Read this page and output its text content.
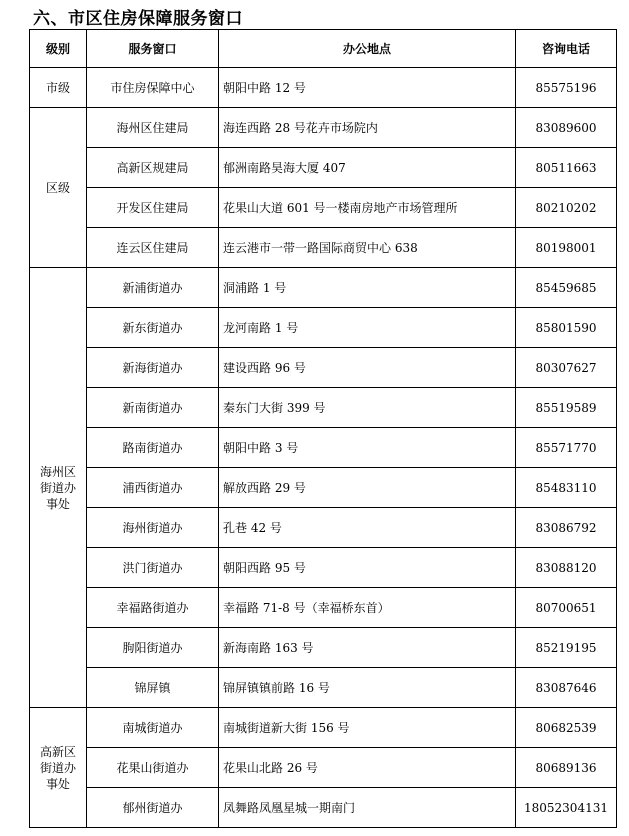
六、市区住房保障服务窗口
级别	服务窗口	办公地点	咨询电话
市级	市住房保障中心	朝阳中路 12 号	85575196
区级	海州区住建局	海连西路 28 号花卉市场院内	83089600
	高新区规建局	郁洲南路昊海大厦 407	80511663
	开发区住建局	花果山大道 601 号一楼南房地产市场管理所	80210202
	连云区住建局	连云港市一带一路国际商贸中心 638	80198001
海州区街道办事处	新浦街道办	洞浦路 1 号	85459685
	新东街道办	龙河南路 1 号	85801590
	新海街道办	建设西路 96 号	80307627
	新南街道办	秦东门大街 399 号	85519589
	路南街道办	朝阳中路 3 号	85571770
	浦西街道办	解放西路 29 号	85483110
	海州街道办	孔巷 42 号	83086792
	洪门街道办	朝阳西路 95 号	83088120
	幸福路街道办	幸福路 71-8 号（幸福桥东首）	80700651
	朐阳街道办	新海南路 163 号	85219195
	锦屏镇	锦屏镇镇前路 16 号	83087646
高新区街道办事处	南城街道办	南城街道新大街 156 号	80682539
	花果山街道办	花果山北路 26 号	80689136
	郁州街道办	凤舞路凤凰星城一期南门	18052304131
